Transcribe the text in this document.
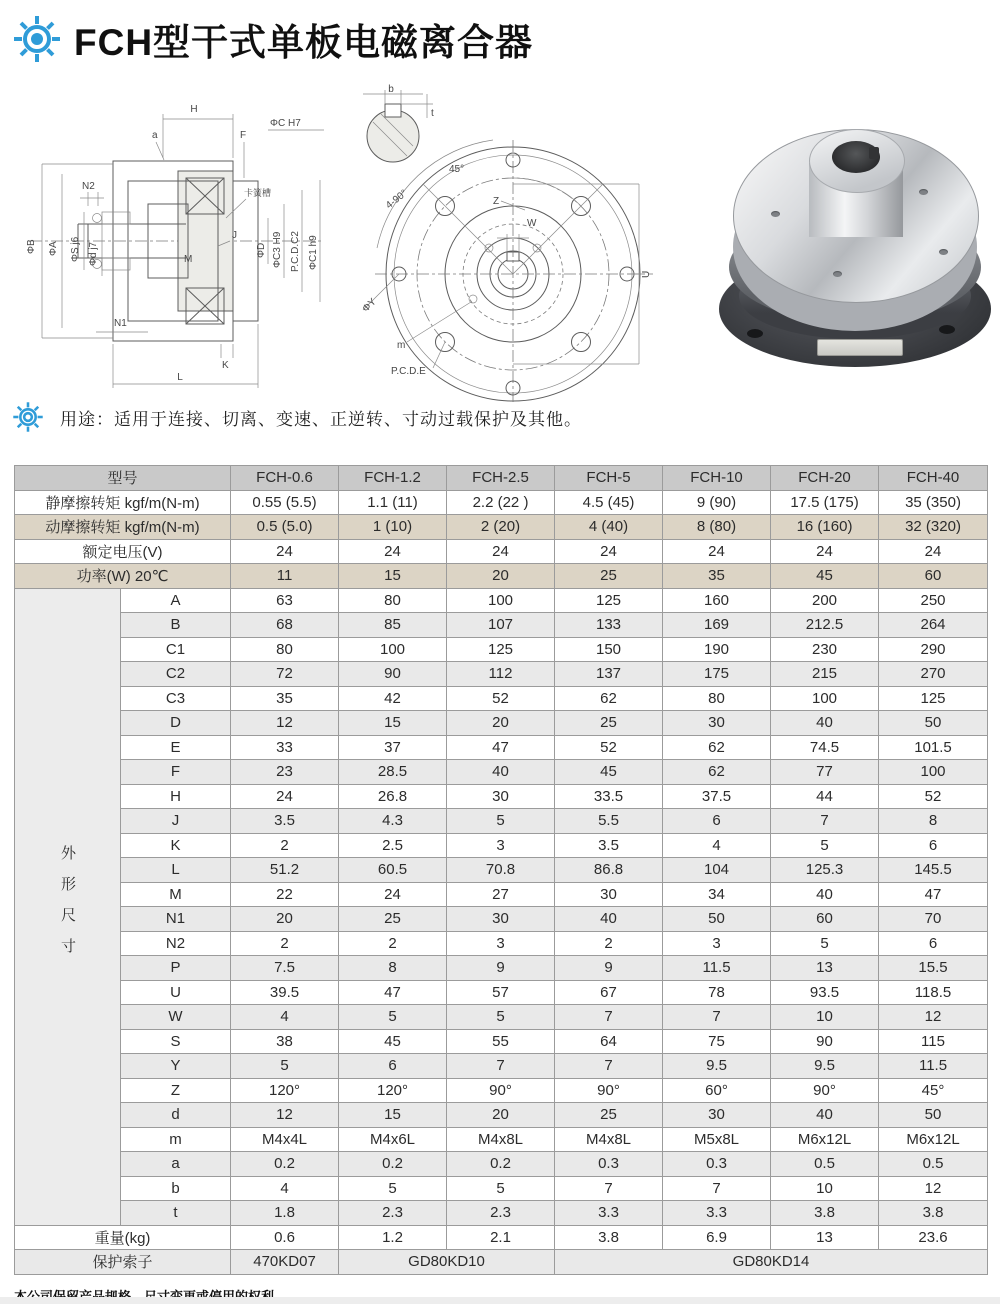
FCH型干式单板电磁离合器
H
a	F
ΦC H7
N2
卡簧槽
J
M
ΦB ΦA ΦS j6 Φd j7	ΦD ΦC3 H9 P.C.D.C2 ΦC1 h9
N1
K
L
b
t
4-90°
45°
Z
W
U
ΦY
m
P.C.D.E
用途：适用于连接、切离、变速、正逆转、寸动过载保护及其他。
型号		FCH-0.6	FCH-1.2	FCH-2.5	FCH-5	FCH-10	FCH-20	FCH-40
静摩擦转矩 kgf/m(N-m)		0.55 (5.5)	1.1 (11)	2.2 (22 )	4.5 (45)	9 (90)	17.5 (175)	35 (350)
动摩擦转矩 kgf/m(N-m)		0.5 (5.0)	1 (10)	2 (20)	4 (40)	8 (80)	16 (160)	32 (320)
额定电压(V)		24	24	24	24	24	24	24
功率(W) 20℃		11	15	20	25	35	45	60
外形尺寸	A	63	80	100	125	160	200	250
	B	68	85	107	133	169	212.5	264
	C1	80	100	125	150	190	230	290
	C2	72	90	112	137	175	215	270
	C3	35	42	52	62	80	100	125
	D	12	15	20	25	30	40	50
	E	33	37	47	52	62	74.5	101.5
	F	23	28.5	40	45	62	77	100
	H	24	26.8	30	33.5	37.5	44	52
	J	3.5	4.3	5	5.5	6	7	8
	K	2	2.5	3	3.5	4	5	6
	L	51.2	60.5	70.8	86.8	104	125.3	145.5
	M	22	24	27	30	34	40	47
	N1	20	25	30	40	50	60	70
	N2	2	2	3	2	3	5	6
	P	7.5	8	9	9	11.5	13	15.5
	U	39.5	47	57	67	78	93.5	118.5
	W	4	5	5	7	7	10	12
	S	38	45	55	64	75	90	115
	Y	5	6	7	7	9.5	9.5	11.5
	Z	120°	120°	90°	90°	60°	90°	45°
	d	12	15	20	25	30	40	50
	m	M4x4L	M4x6L	M4x8L	M4x8L	M5x8L	M6x12L	M6x12L
	a	0.2	0.2	0.2	0.3	0.3	0.5	0.5
	b	4	5	5	7	7	10	12
	t	1.8	2.3	2.3	3.3	3.3	3.8	3.8
重量(kg)		0.6	1.2	2.1	3.8	6.9	13	23.6
保护索子		470KD07	GD80KD10		GD80KD14			
